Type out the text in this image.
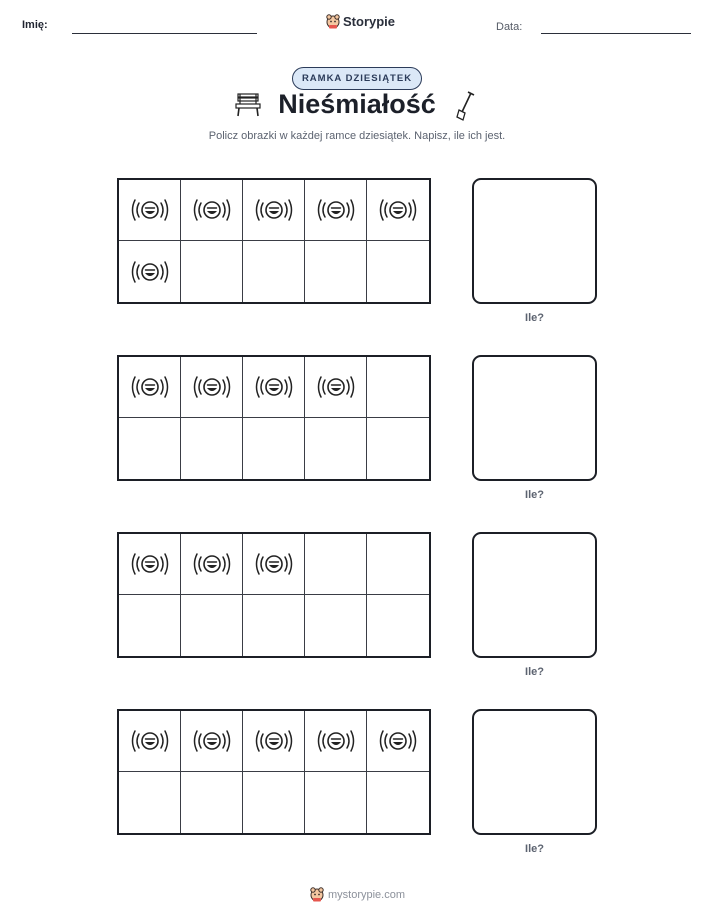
Imię:	Storypie	Data:
RAMKA DZIESIĄTEK
Nieśmiałość
Policz obrazki w każdej ramce dziesiątek. Napisz, ile ich jest.
Ile?
Ile?
Ile?
Ile?
mystorypie.com
